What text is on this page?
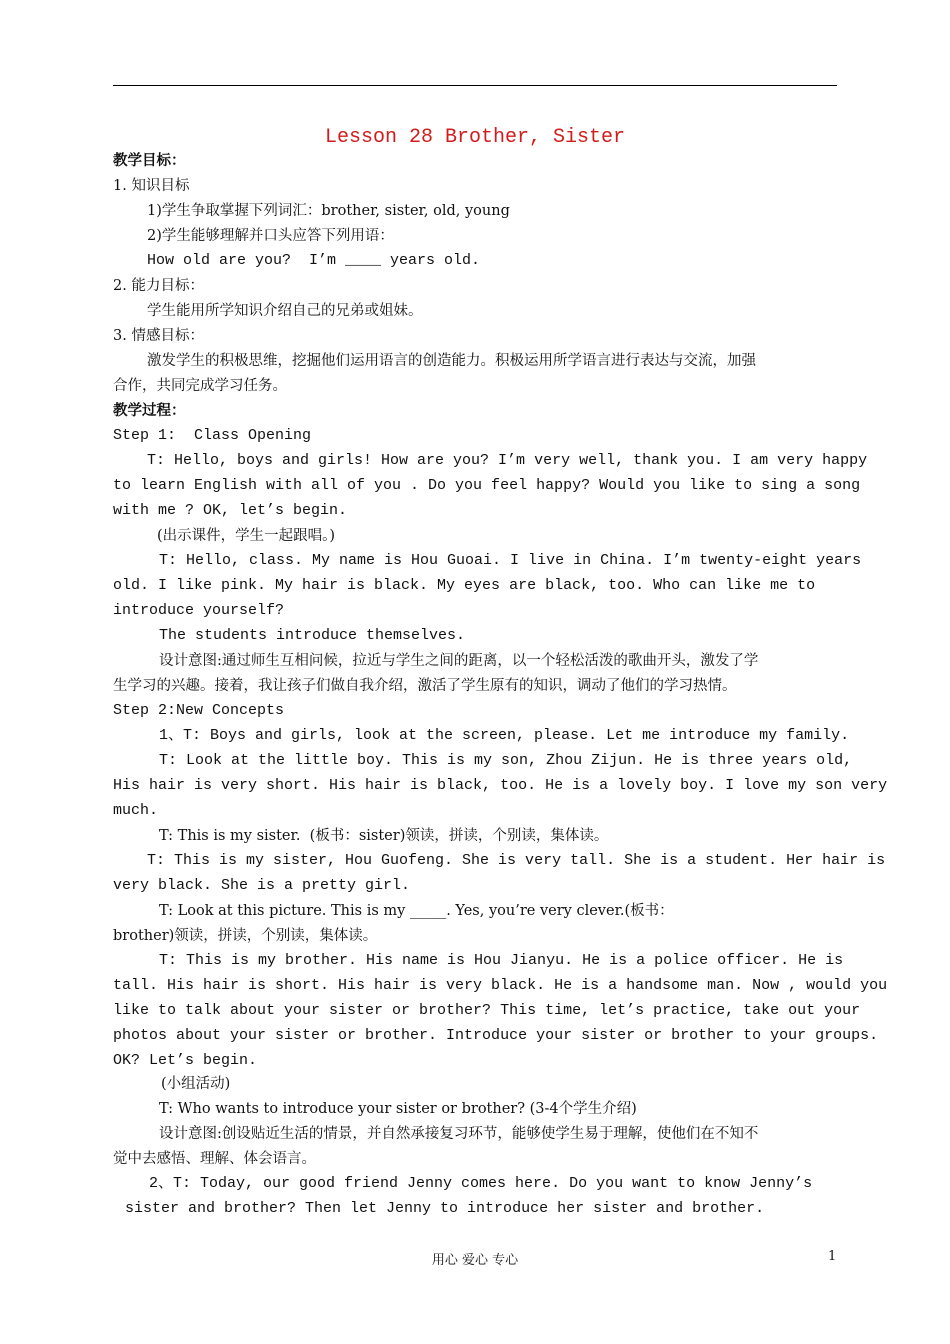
Lesson 28 Brother, Sister
教学目标：
1. 知识目标
1)学生争取掌握下列词汇：brother, sister, old, young
2)学生能够理解并口头应答下列用语：
How old are you?  I’m ____ years old.
2. 能力目标：
学生能用所学知识介绍自己的兄弟或姐妹。
3. 情感目标：
激发学生的积极思维，挖掘他们运用语言的创造能力。积极运用所学语言进行表达与交流，加强
合作，共同完成学习任务。
教学过程：
Step 1:  Class Opening
T: Hello, boys and girls! How are you? I’m very well, thank you. I am very happy
to learn English with all of you . Do you feel happy? Would you like to sing a song
with me ? OK, let’s begin.
(出示课件，学生一起跟唱。)
T: Hello, class. My name is Hou Guoai. I live in China. I’m twenty-eight years
old. I like pink. My hair is black. My eyes are black, too. Who can like me to
introduce yourself?
The students introduce themselves.
设计意图:通过师生互相问候，拉近与学生之间的距离，以一个轻松活泼的歌曲开头，激发了学
生学习的兴趣。接着，我让孩子们做自我介绍，激活了学生原有的知识，调动了他们的学习热情。
Step 2:New Concepts
1、T: Boys and girls, look at the screen, please. Let me introduce my family.
T: Look at the little boy. This is my son, Zhou Zijun. He is three years old,
His hair is very short. His hair is black, too. He is a lovely boy. I love my son very
much.
T: This is my sister.  (板书：sister)领读，拼读，个别读，集体读。
T: This is my sister, Hou Guofeng. She is very tall. She is a student. Her hair is
very black. She is a pretty girl.
T: Look at this picture. This is my _____. Yes, you’re very clever.(板书：
brother)领读，拼读，个别读，集体读。
T: This is my brother. His name is Hou Jianyu. He is a police officer. He is
tall. His hair is short. His hair is very black. He is a handsome man. Now , would you
like to talk about your sister or brother? This time, let’s practice, take out your
photos about your sister or brother. Introduce your sister or brother to your groups.
OK? Let’s begin.
(小组活动)
T: Who wants to introduce your sister or brother? (3-4个学生介绍)
设计意图:创设贴近生活的情景，并自然承接复习环节，能够使学生易于理解，使他们在不知不
觉中去感悟、理解、体会语言。
2、T: Today, our good friend Jenny comes here. Do you want to know Jenny’s
sister and brother? Then let Jenny to introduce her sister and brother.
用心 爱心 专心	1
